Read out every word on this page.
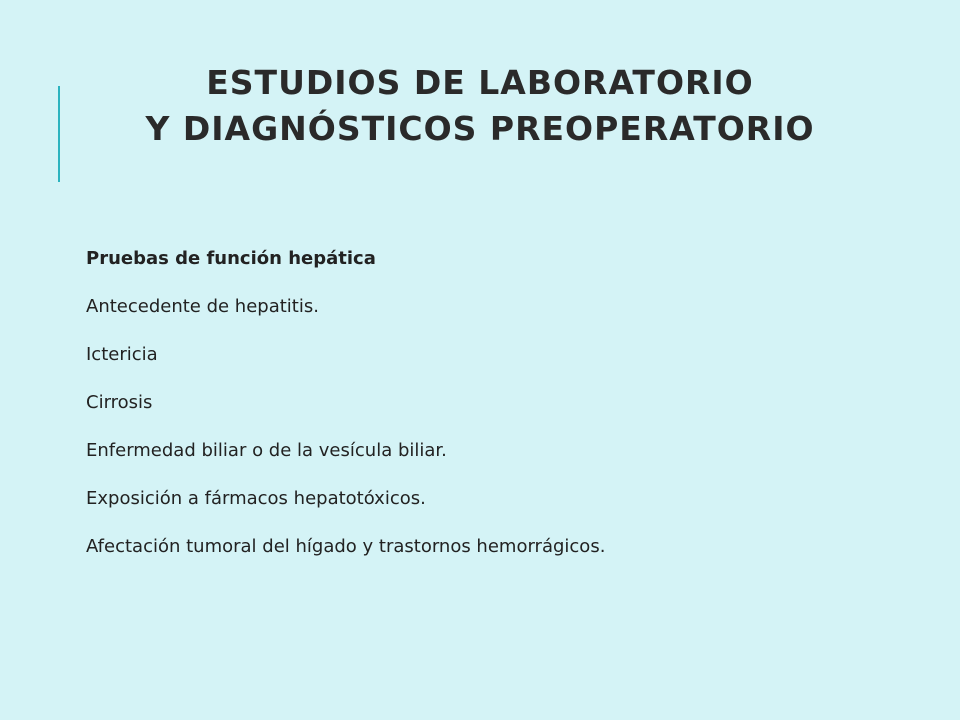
ESTUDIOS DE LABORATORIO
Y DIAGNÓSTICOS PREOPERATORIO
Pruebas de función hepática
Antecedente de hepatitis.
Ictericia
Cirrosis
Enfermedad biliar o de la vesícula biliar.
Exposición a fármacos hepatotóxicos.
Afectación tumoral del hígado y trastornos hemorrágicos.
